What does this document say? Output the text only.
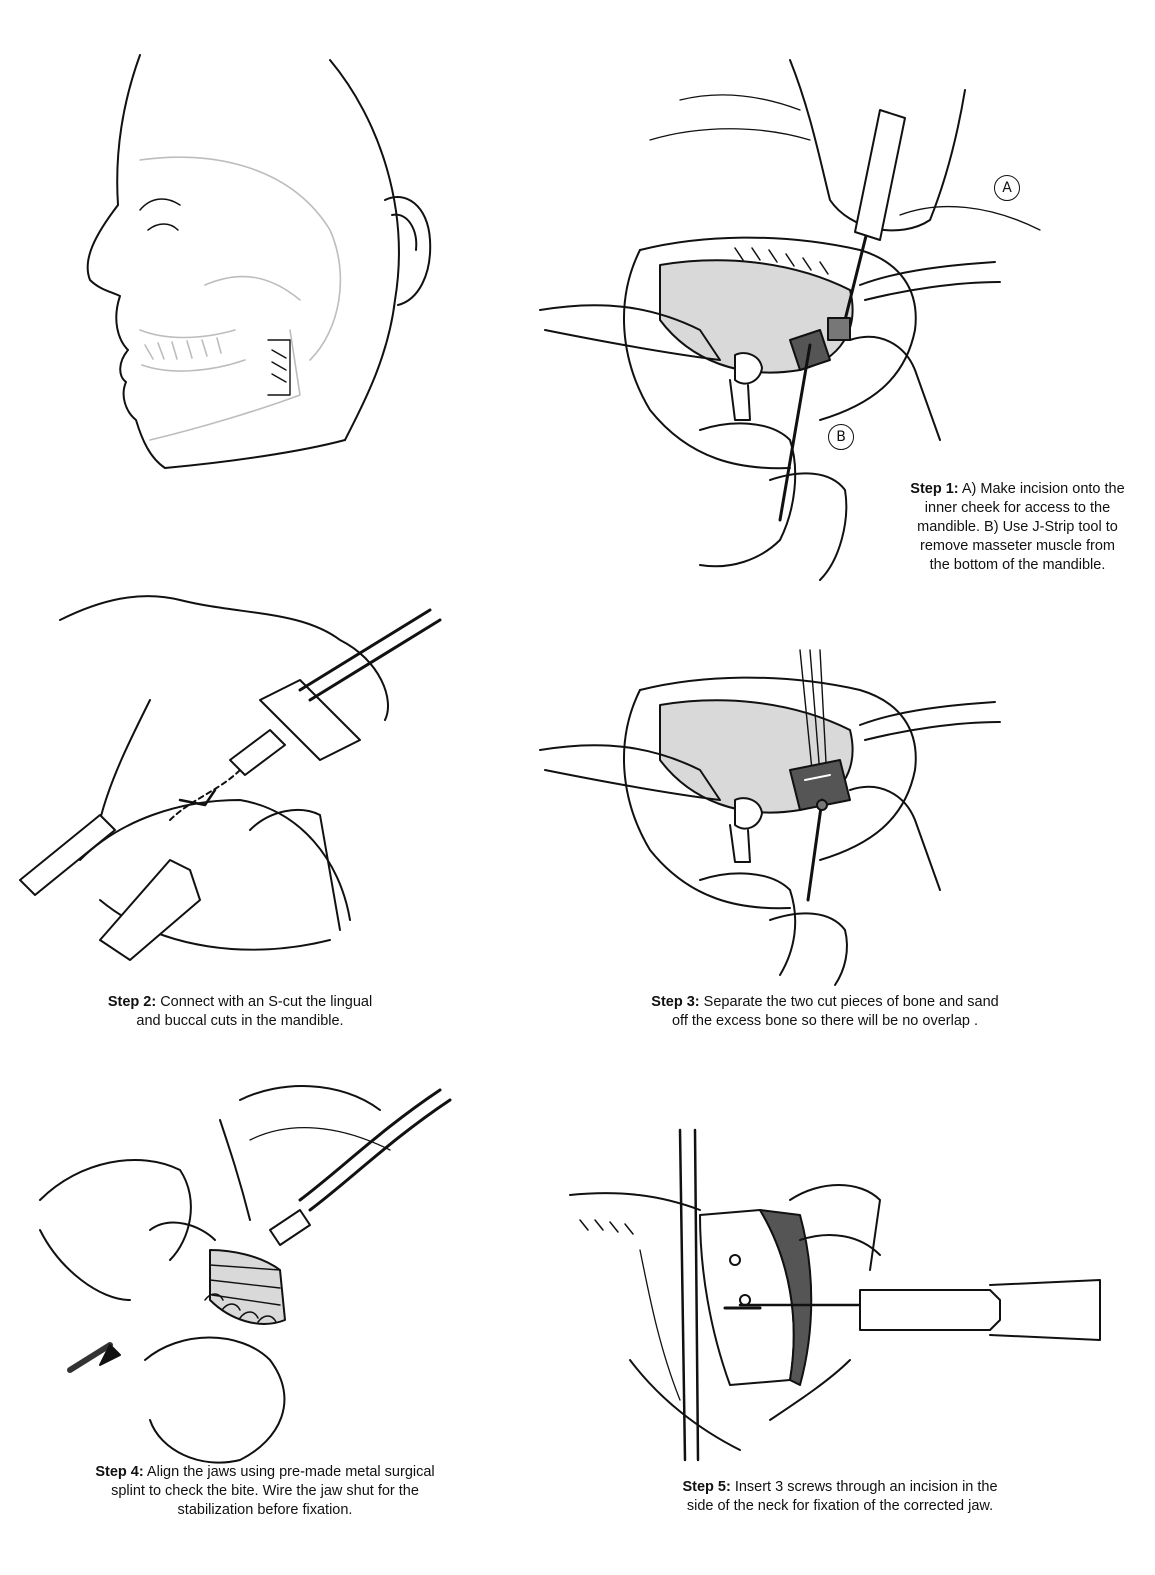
A
B

Step 1: A) Make incision onto the
inner cheek for access to the
mandible. B) Use J-Strip tool to
remove masseter muscle from
the bottom of the mandible.

Step 2: Connect with an S-cut the lingual
and buccal cuts in the mandible.

Step 3: Separate the two cut pieces of bone and sand
off the excess bone so there will be no overlap .

Step 4: Align the jaws using pre-made metal surgical
splint to check the bite. Wire the jaw shut for the
stabilization before fixation.

Step 5: Insert 3 screws through an incision in the
side of the neck for fixation of the corrected jaw.
